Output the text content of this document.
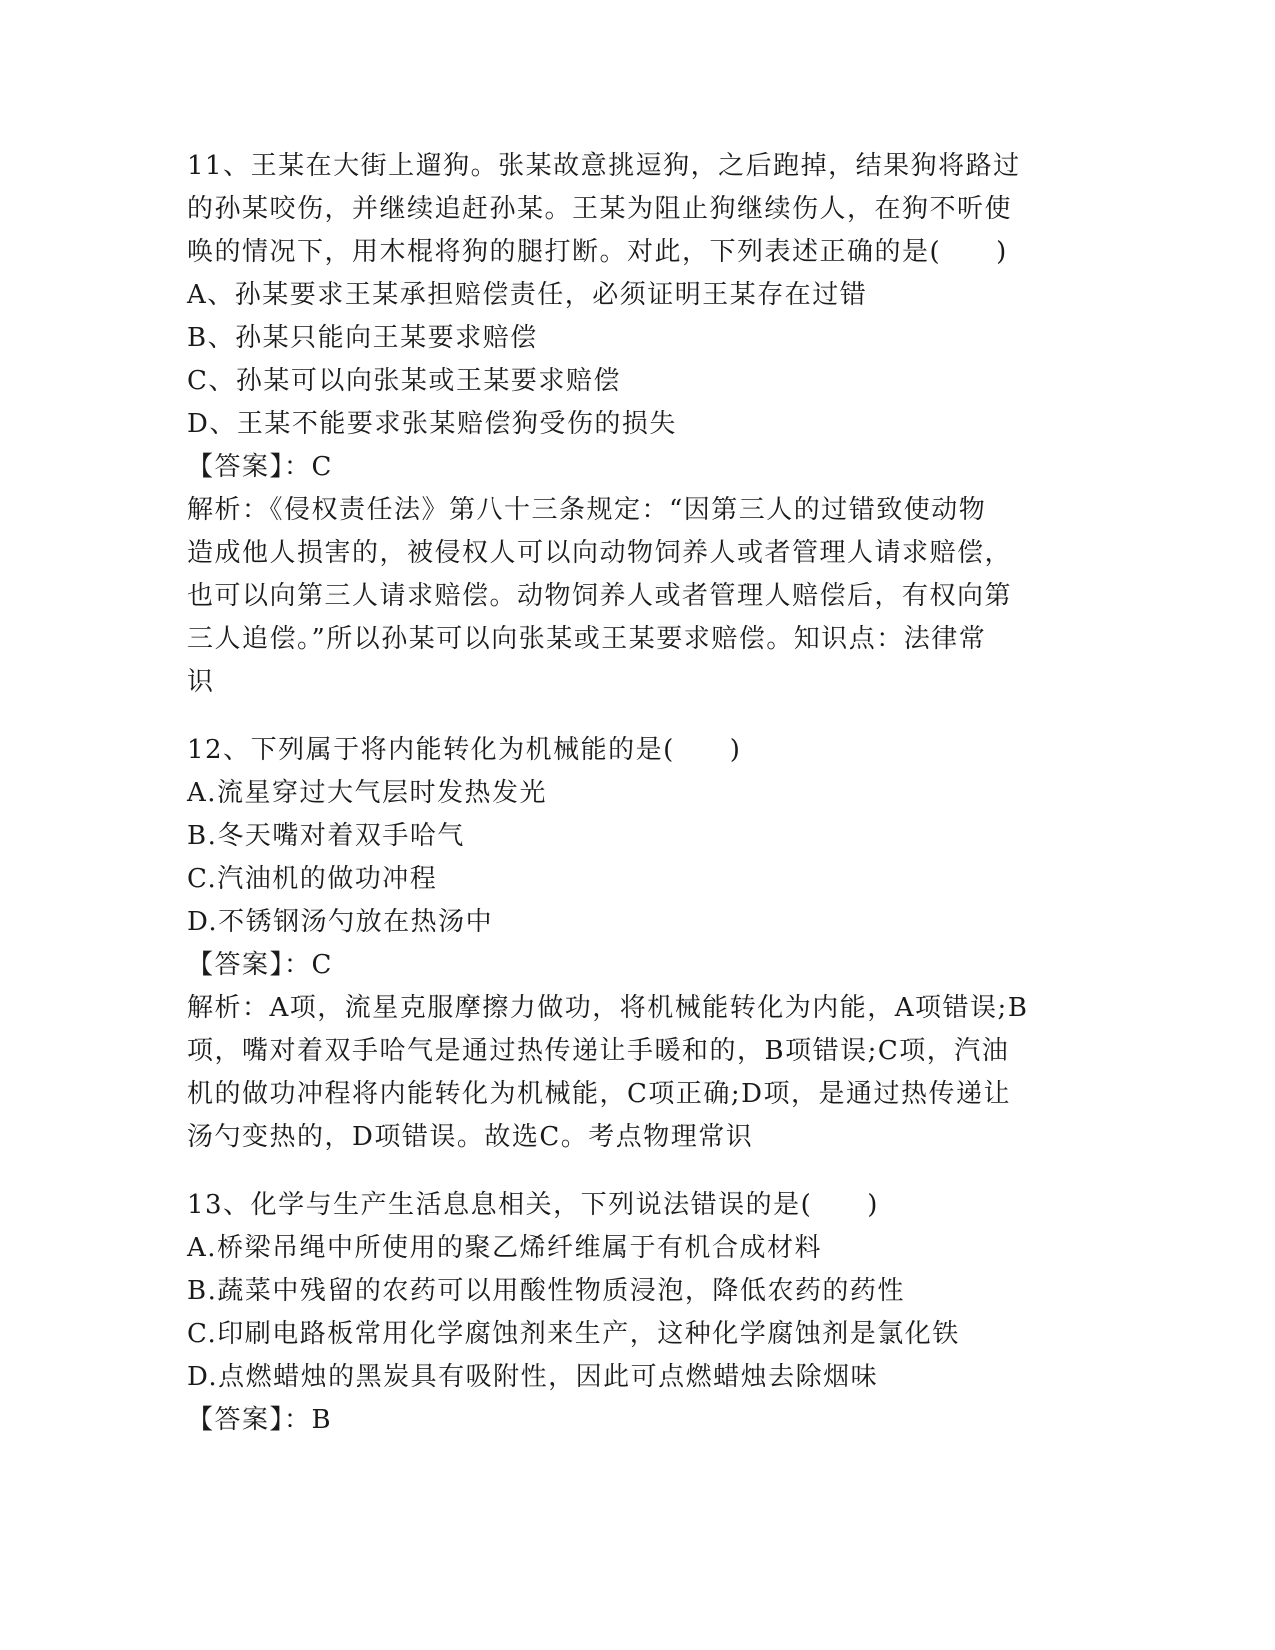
11、王某在大街上遛狗。张某故意挑逗狗，之后跑掉，结果狗将路过
的孙某咬伤，并继续追赶孙某。王某为阻止狗继续伤人，在狗不听使
唤的情况下，用木棍将狗的腿打断。对此，下列表述正确的是(　　)
A、孙某要求王某承担赔偿责任，必须证明王某存在过错
B、孙某只能向王某要求赔偿
C、孙某可以向张某或王某要求赔偿
D、王某不能要求张某赔偿狗受伤的损失
【答案】：C
解析：《侵权责任法》第八十三条规定：“因第三人的过错致使动物
造成他人损害的，被侵权人可以向动物饲养人或者管理人请求赔偿，
也可以向第三人请求赔偿。动物饲养人或者管理人赔偿后，有权向第
三人追偿。”所以孙某可以向张某或王某要求赔偿。知识点：法律常
识
12、下列属于将内能转化为机械能的是(　　)
A.流星穿过大气层时发热发光
B.冬天嘴对着双手哈气
C.汽油机的做功冲程
D.不锈钢汤勺放在热汤中
【答案】：C
解析：A项，流星克服摩擦力做功，将机械能转化为内能，A项错误;B
项，嘴对着双手哈气是通过热传递让手暖和的，B项错误;C项，汽油
机的做功冲程将内能转化为机械能，C项正确;D项，是通过热传递让
汤勺变热的，D项错误。故选C。考点物理常识
13、化学与生产生活息息相关，下列说法错误的是(　　)
A.桥梁吊绳中所使用的聚乙烯纤维属于有机合成材料
B.蔬菜中残留的农药可以用酸性物质浸泡，降低农药的药性
C.印刷电路板常用化学腐蚀剂来生产，这种化学腐蚀剂是氯化铁
D.点燃蜡烛的黑炭具有吸附性，因此可点燃蜡烛去除烟味
【答案】：B
